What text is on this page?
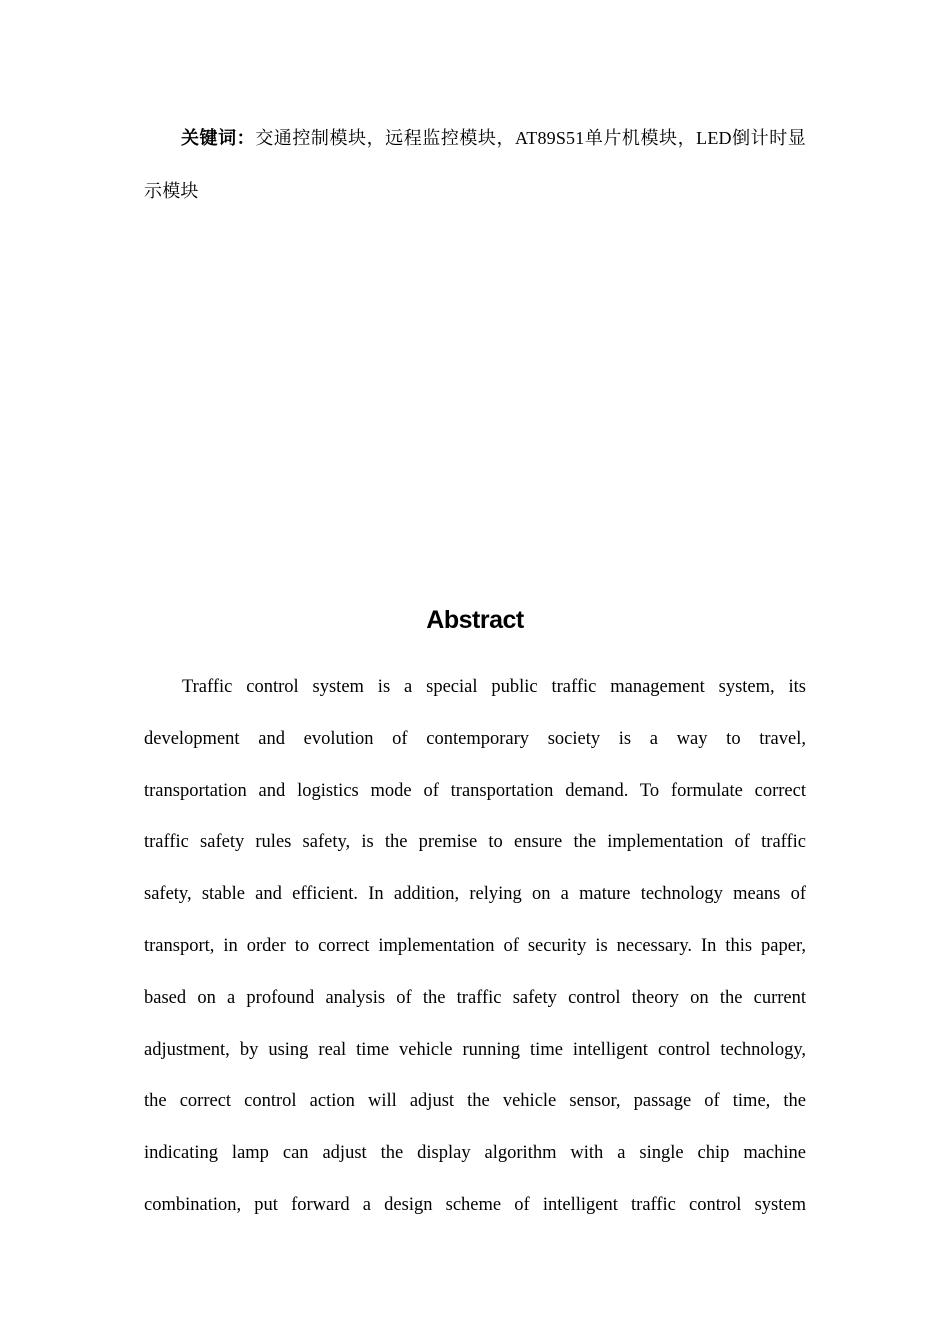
关键词：交通控制模块，远程监控模块，AT89S51单片机模块，LED倒计时显示模块

Abstract
Traffic control system is a special public traffic management system, its
development and evolution of contemporary society is a way to travel,
transportation and logistics mode of transportation demand. To formulate correct
traffic safety rules safety, is the premise to ensure the implementation of traffic
safety, stable and efficient. In addition, relying on a mature technology means of
transport, in order to correct implementation of security is necessary. In this paper,
based on a profound analysis of the traffic safety control theory on the current
adjustment, by using real time vehicle running time intelligent control technology,
the correct control action will adjust the vehicle sensor, passage of time, the
indicating lamp can adjust the display algorithm with a single chip machine
combination, put forward a design scheme of intelligent traffic control system
